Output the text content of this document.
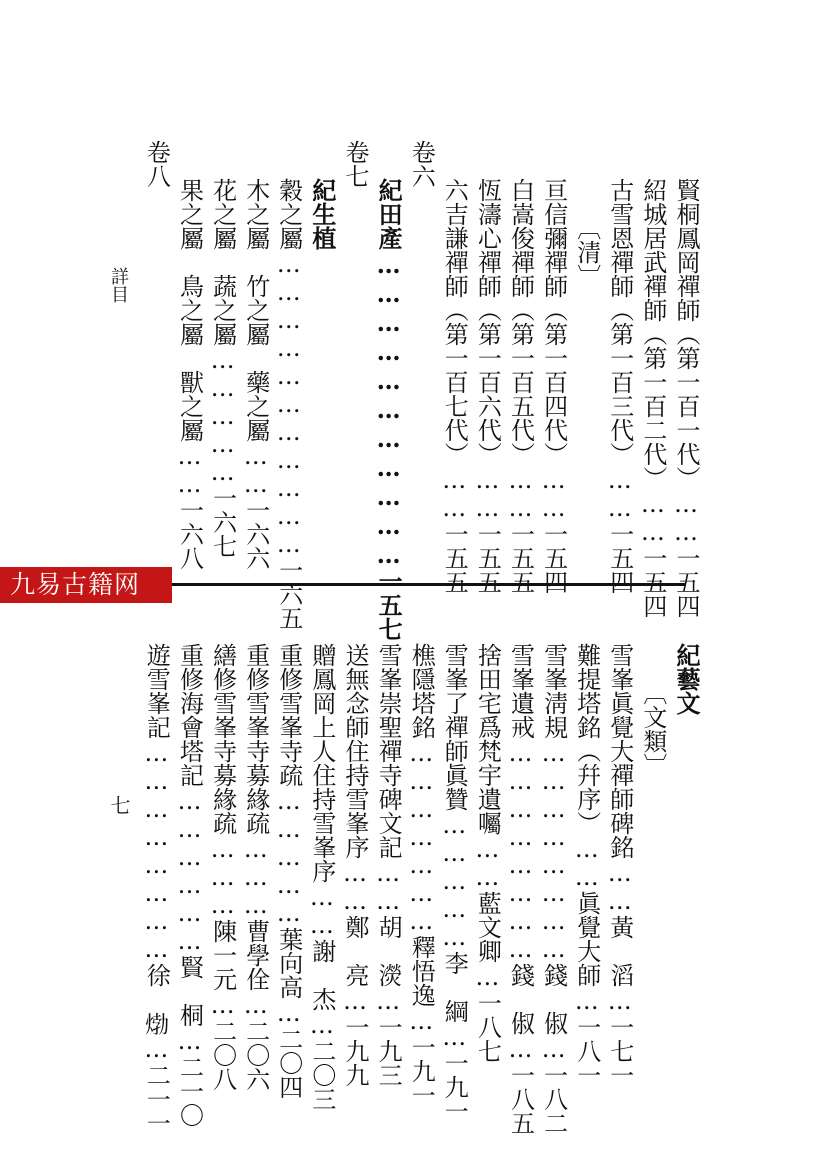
九易古籍网
詳目
七
賢桐鳳岡禪師（第一百一代）……一五四
紹城居武禪師（第一百二代）……一五四
古雪恩禪師（第一百三代）……一五四
〔清〕
亘信彌禪師（第一百四代）……一五四
白嵩俊禪師（第一百五代）……一五五
恆濤心禪師（第一百六代）……一五五
六吉謙禪師（第一百七代）……一五五
卷六
紀田產……………………………一五七
卷七
紀生植
穀之屬……………………………一六五
木之屬　竹之屬　藥之屬……一六六
花之屬　蔬之屬……………一六七
果之屬　鳥之屬　獸之屬……一六八
卷八
紀藝文
〔文類〕
雪峯眞覺大禪師碑銘……黃　滔…一七一
難提塔銘（幷序）……眞覺大師…一八一
雪峯淸規……………………錢　俶…一八二
雪峯遺戒……………………錢　俶…一八五
捨田宅爲梵宇遺囑……藍文卿…一八七
雪峯了禪師眞贊……………李　綱…一九一
樵隱塔銘…………………釋悟逸…一九一
雪峯崇聖禪寺碑文記……胡　濙…一九三
送無念師住持雪峯序……鄭　亮…一九九
贈鳳岡上人住持雪峯序……謝　杰…二〇三
重修雪峯寺疏……………葉向高…二〇四
重修雪峯寺募緣疏………曹學佺…二〇六
繕修雪峯寺募緣疏………陳一元…二〇八
重修海會塔記………………賢　桐…二一〇
遊雪峯記……………………徐　𤊹…二一一
